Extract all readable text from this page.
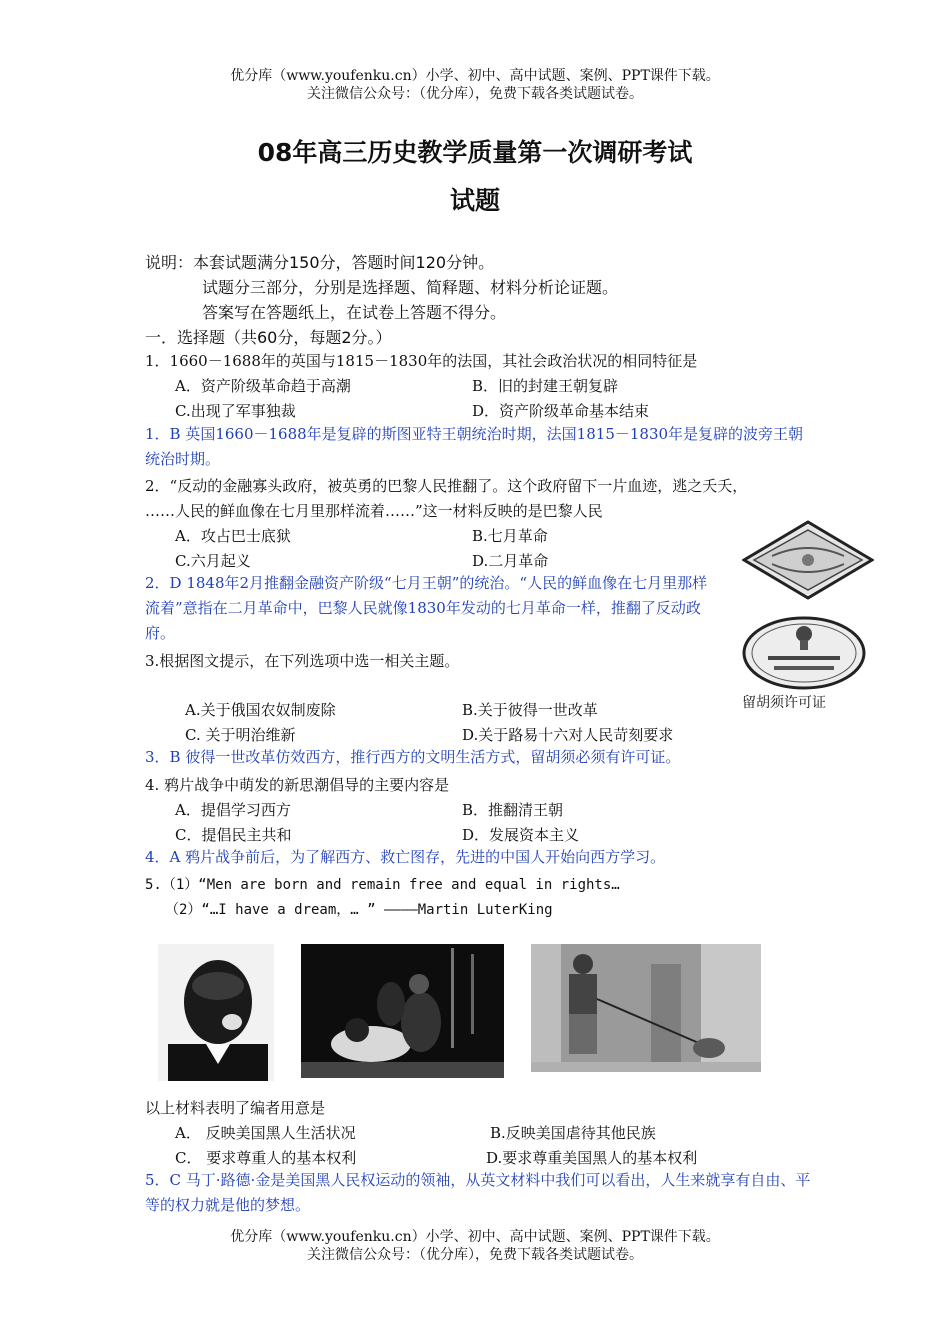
优分库（www.youfenku.cn）小学、初中、高中试题、案例、PPT课件下载。
关注微信公众号：（优分库），免费下载各类试题试卷。
08年高三历史教学质量第一次调研考试
试题
说明：本套试题满分150分，答题时间120分钟。
试题分三部分，分别是选择题、简释题、材料分析论证题。
答案写在答题纸上，在试卷上答题不得分。
一．选择题（共60分，每题2分。）
1．1660－1688年的英国与1815－1830年的法国，其社会政治状况的相同特征是
A．资产阶级革命趋于高潮	B．旧的封建王朝复辟
C.出现了军事独裁	D．资产阶级革命基本结束
1．B 英国1660－1688年是复辟的斯图亚特王朝统治时期，法国1815－1830年是复辟的波旁王朝统治时期。
2．“反动的金融寡头政府，被英勇的巴黎人民推翻了。这个政府留下一片血迹，逃之夭夭，
……人民的鲜血像在七月里那样流着……”这一材料反映的是巴黎人民
A．攻占巴士底狱	B.七月革命
C.六月起义	D.二月革命
2．D 1848年2月推翻金融资产阶级“七月王朝”的统治。“人民的鲜血像在七月里那样流着”意指在二月革命中，巴黎人民就像1830年发动的七月革命一样，推翻了反动政府。
留胡须许可证
3.根据图文提示，在下列选项中选一相关主题。
A.关于俄国农奴制废除	B.关于彼得一世改革
C. 关于明治维新	D.关于路易十六对人民苛刻要求
3．B 彼得一世改革仿效西方，推行西方的文明生活方式，留胡须必须有许可证。
4. 鸦片战争中萌发的新思潮倡导的主要内容是
A．提倡学习西方	B．推翻清王朝
C．提倡民主共和	D．发展资本主义
4．A 鸦片战争前后，为了解西方、救亡图存，先进的中国人开始向西方学习。
5.（1）“Men are born and remain free and equal in rights…
（2）“…I have a dream，… ” ————Martin LuterKing
以上材料表明了编者用意是
A． 反映美国黑人生活状况	B.反映美国虐待其他民族
C． 要求尊重人的基本权利	D.要求尊重美国黑人的基本权利
5．C 马丁·路德·金是美国黑人民权运动的领袖，从英文材料中我们可以看出，人生来就享有自由、平等的权力就是他的梦想。
优分库（www.youfenku.cn）小学、初中、高中试题、案例、PPT课件下载。
关注微信公众号：（优分库），免费下载各类试题试卷。
